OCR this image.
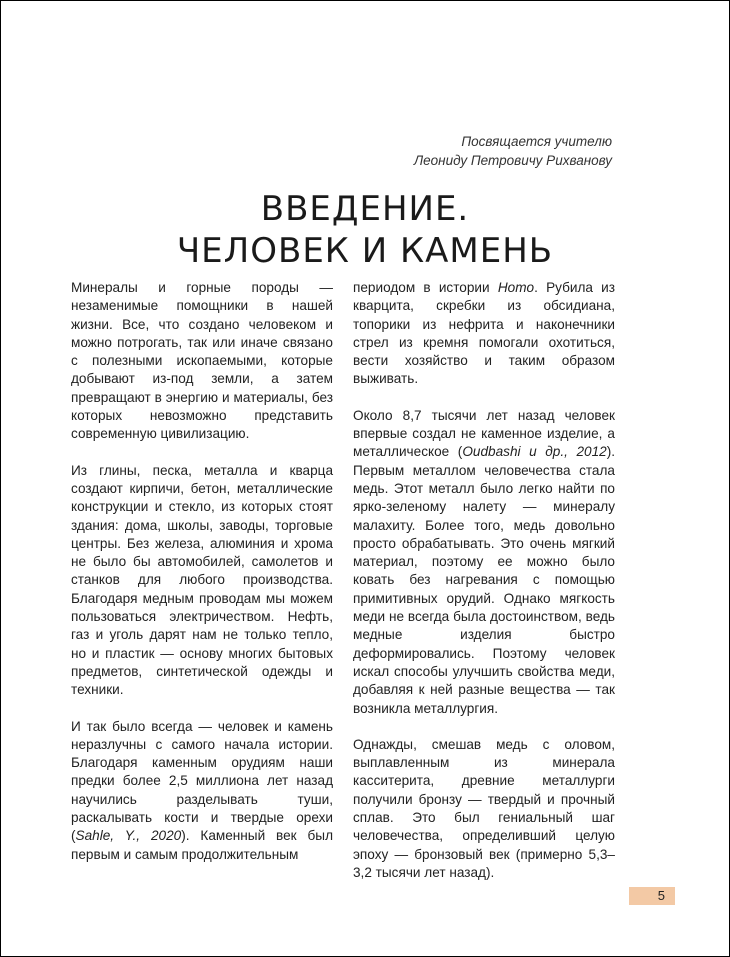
Посвящается учителю
Леониду Петровичу Рихванову
ВВЕДЕНИЕ.
ЧЕЛОВЕК И КАМЕНЬ

Минералы и горные породы — незаменимые помощники в нашей жизни. Все, что создано человеком и можно потрогать, так или иначе связано с полезными ископаемыми, которые добывают из-под земли, а затем превращают в энергию и материалы, без которых невозможно представить современную цивилизацию.

Из глины, песка, металла и кварца создают кирпичи, бетон, металлические конструкции и стекло, из которых стоят здания: дома, школы, заводы, торговые центры. Без железа, алюминия и хрома не было бы автомобилей, самолетов и станков для любого производства. Благодаря медным проводам мы можем пользоваться электричеством. Нефть, газ и уголь дарят нам не только тепло, но и пластик — основу многих бытовых предметов, синтетической одежды и техники.

И так было всегда — человек и камень неразлучны с самого начала истории. Благодаря каменным орудиям наши предки более 2,5 миллиона лет назад научились разделывать туши, раскалывать кости и твердые орехи (Sahle, Y., 2020). Каменный век был первым и самым продолжительным

периодом в истории Homo. Рубила из кварцита, скребки из обсидиана, топорики из нефрита и наконечники стрел из кремня помогали охотиться, вести хозяйство и таким образом выживать.

Около 8,7 тысячи лет назад человек впервые создал не каменное изделие, а металлическое (Oudbashi и др., 2012). Первым металлом человечества стала медь. Этот металл было легко найти по ярко-зеленому налету — минералу малахиту. Более того, медь довольно просто обрабатывать. Это очень мягкий материал, поэтому ее можно было ковать без нагревания с помощью примитивных орудий. Однако мягкость меди не всегда была достоинством, ведь медные изделия быстро деформировались. Поэтому человек искал способы улучшить свойства меди, добавляя к ней разные вещества — так возникла металлургия.

Однажды, смешав медь с оловом, выплавленным из минерала касситерита, древние металлурги получили бронзу — твердый и прочный сплав. Это был гениальный шаг человечества, определивший целую эпоху — бронзовый век (примерно 5,3–3,2 тысячи лет назад).

5
